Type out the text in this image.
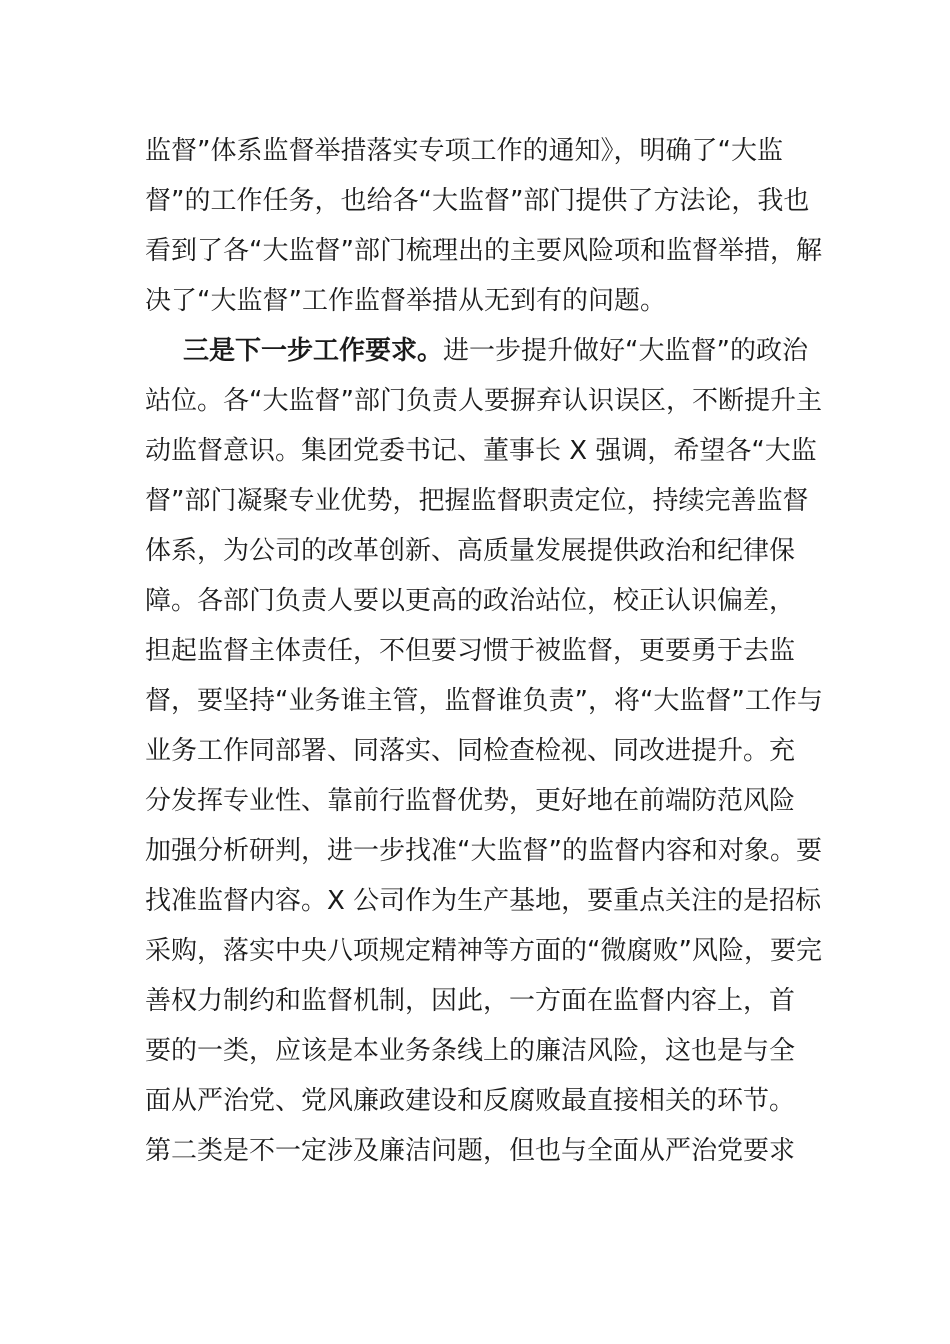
监督”体系监督举措落实专项工作的通知》，明确了“大监
督”的工作任务，也给各“大监督”部门提供了方法论，我也
看到了各“大监督”部门梳理出的主要风险项和监督举措，解
决了“大监督”工作监督举措从无到有的问题。
三是下一步工作要求。进一步提升做好“大监督”的政治
站位。各“大监督”部门负责人要摒弃认识误区，不断提升主
动监督意识。集团党委书记、董事长 X 强调，希望各“大监
督”部门凝聚专业优势，把握监督职责定位，持续完善监督
体系，为公司的改革创新、高质量发展提供政治和纪律保
障。各部门负责人要以更高的政治站位，校正认识偏差，
担起监督主体责任，不但要习惯于被监督，更要勇于去监
督，要坚持“业务谁主管，监督谁负责”，将“大监督”工作与
业务工作同部署、同落实、同检查检视、同改进提升。充
分发挥专业性、靠前行监督优势，更好地在前端防范风险
加强分析研判，进一步找准“大监督”的监督内容和对象。要
找准监督内容。X 公司作为生产基地，要重点关注的是招标
采购，落实中央八项规定精神等方面的“微腐败”风险，要完
善权力制约和监督机制，因此，一方面在监督内容上，首
要的一类，应该是本业务条线上的廉洁风险，这也是与全
面从严治党、党风廉政建设和反腐败最直接相关的环节。
第二类是不一定涉及廉洁问题，但也与全面从严治党要求
